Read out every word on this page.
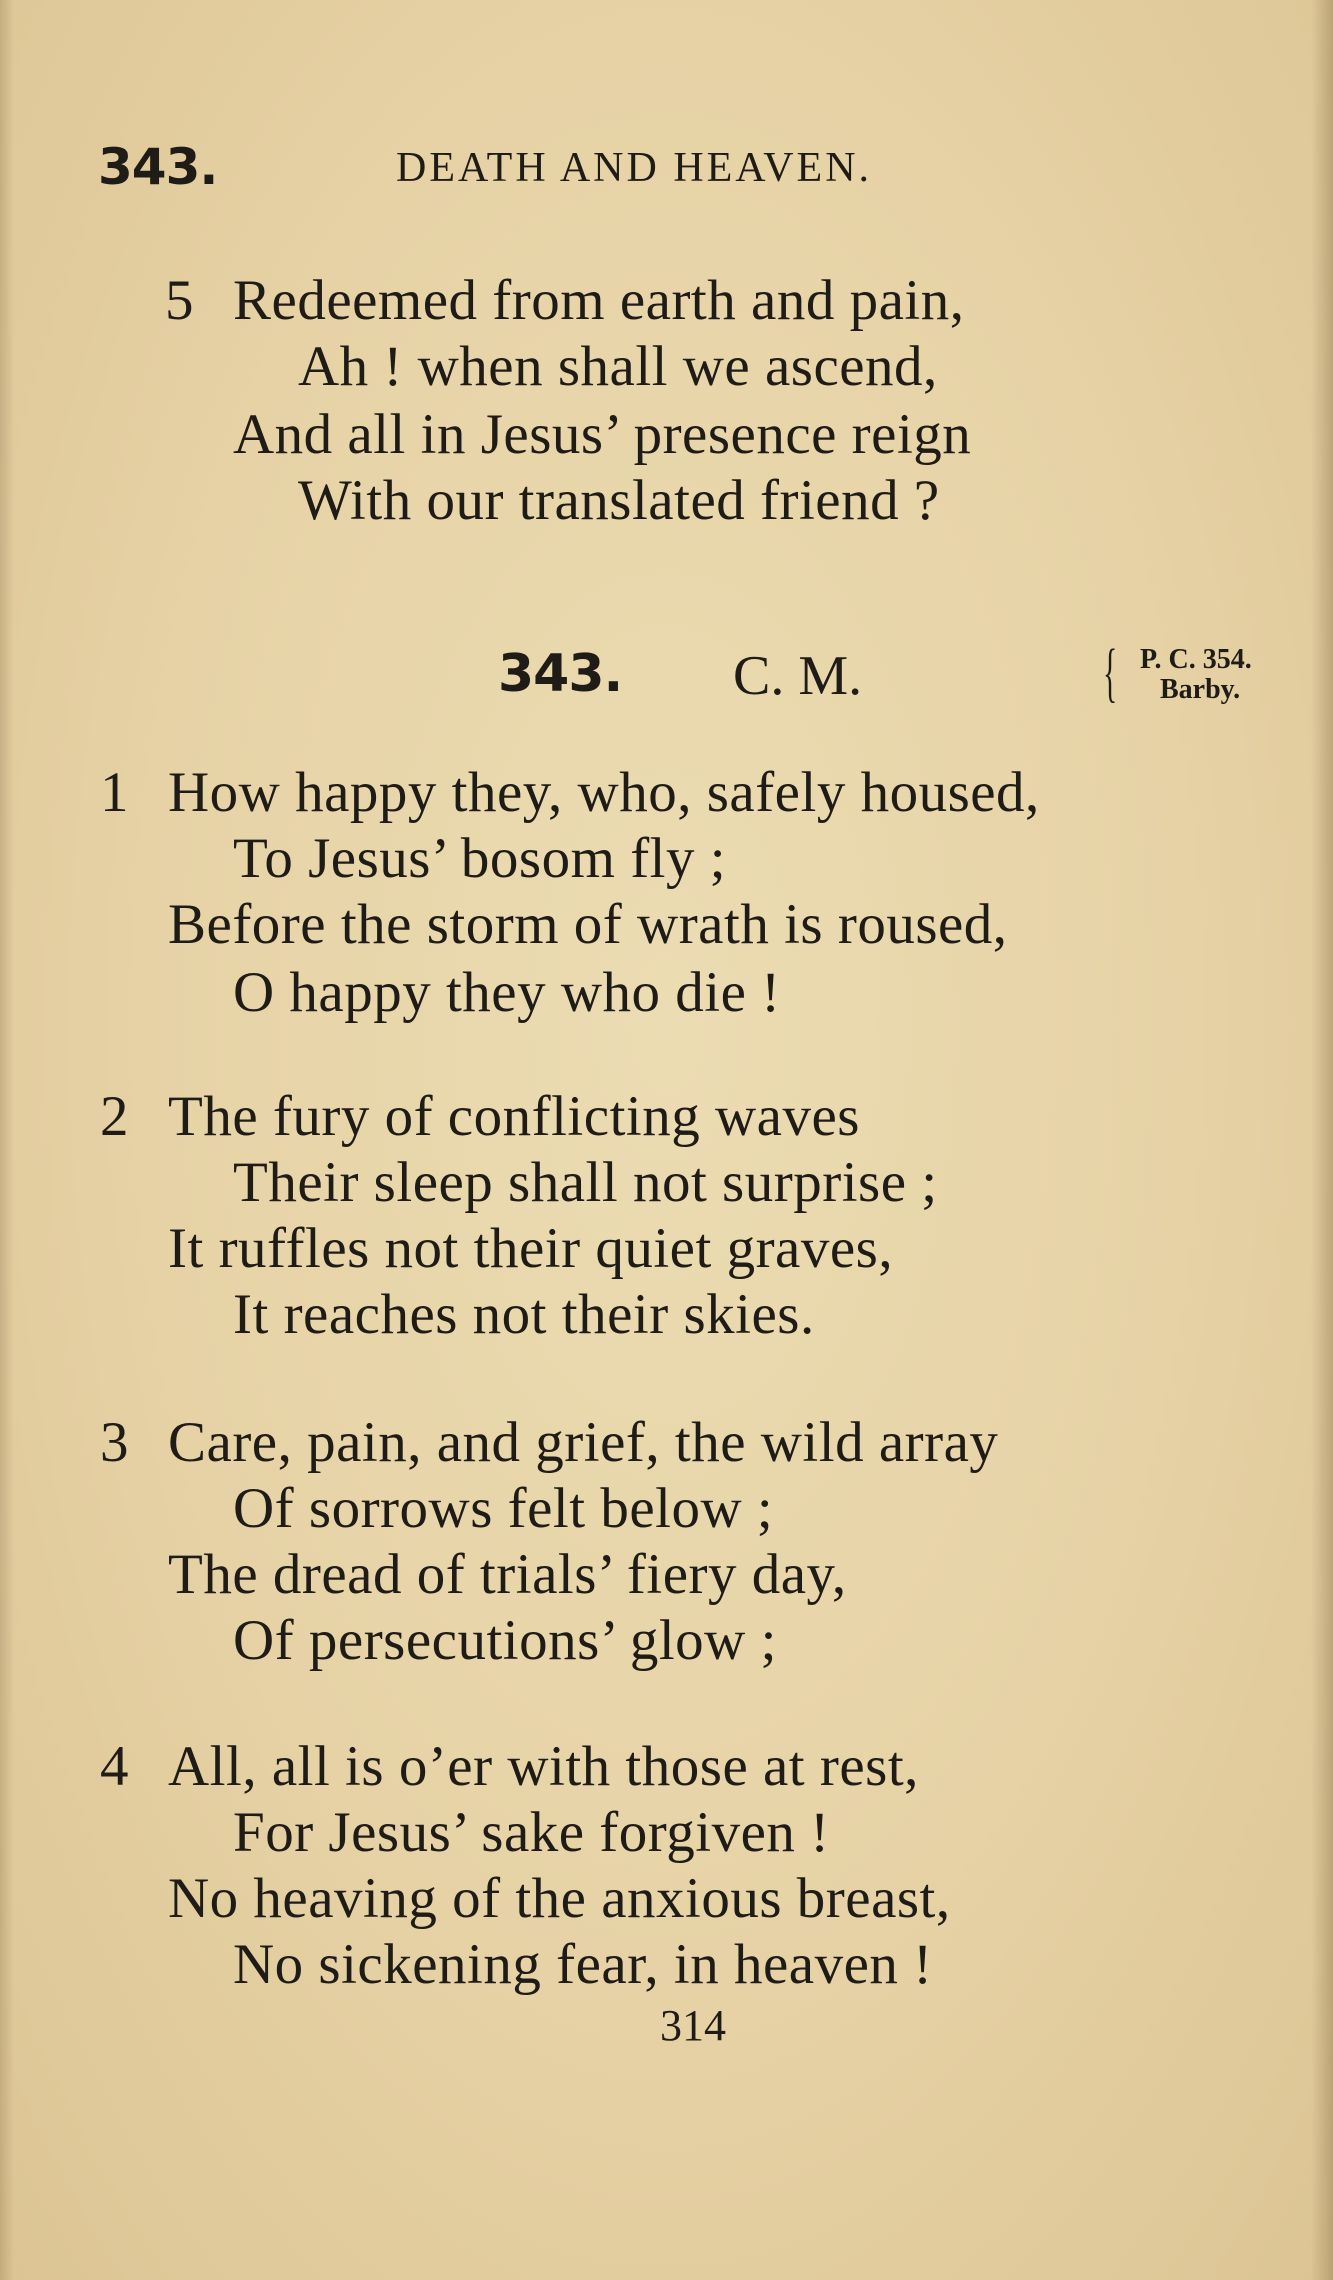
343.	DEATH AND HEAVEN.
5 Redeemed from earth and pain,
Ah ! when shall we ascend,
And all in Jesus’ presence reign
With our translated friend ?
343. C. M.	{ P. C. 354.
Barby.
1 How happy they, who, safely housed,
To Jesus’ bosom fly ;
Before the storm of wrath is roused,
O happy they who die !
2 The fury of conflicting waves
Their sleep shall not surprise ;
It ruffles not their quiet graves,
It reaches not their skies.
3 Care, pain, and grief, the wild array
Of sorrows felt below ;
The dread of trials’ fiery day,
Of persecutions’ glow ;
4 All, all is o’er with those at rest,
For Jesus’ sake forgiven !
No heaving of the anxious breast,
No sickening fear, in heaven !
314
